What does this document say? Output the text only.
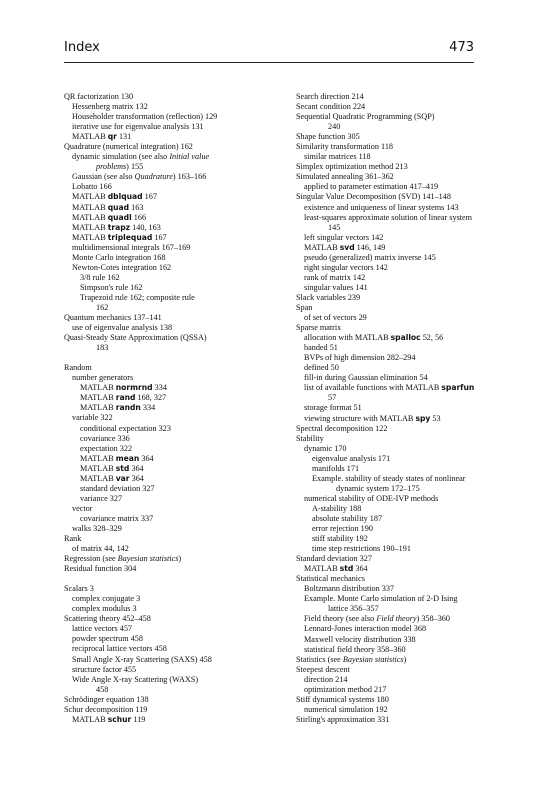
Index	473
QR factorization 130
Hessenberg matrix 132
Householder transformation (reflection) 129
iterative use for eigenvalue analysis 131
MATLAB qr 131
Quadrature (numerical integration) 162
dynamic simulation (see also Initial value
problems) 155
Gaussian (see also Quadrature) 163–166
Lobatto 166
MATLAB dblquad 167
MATLAB quad 163
MATLAB quadl 166
MATLAB trapz 140, 163
MATLAB triplequad 167
multidimensional integrals 167–169
Monte Carlo integration 168
Newton-Cotes integration 162
3/8 rule 162
Simpson's rule 162
Trapezoid rule 162; composite rule
162
Quantum mechanics 137–141
use of eigenvalue analysis 138
Quasi-Steady State Approximation (QSSA)
183
Random
number generators
MATLAB normrnd 334
MATLAB rand 168, 327
MATLAB randn 334
variable 322
conditional expectation 323
covariance 336
expectation 322
MATLAB mean 364
MATLAB std 364
MATLAB var 364
standard deviation 327
variance 327
vector
covariance matrix 337
walks 328–329
Rank
of matrix 44, 142
Regression (see Bayesian statistics)
Residual function 304
Scalars 3
complex conjugate 3
complex modulus 3
Scattering theory 452–458
lattice vectors 457
powder spectrum 458
reciprocal lattice vectors 458
Small Angle X-ray Scattering (SAXS) 458
structure factor 455
Wide Angle X-ray Scattering (WAXS)
458
Schrödinger equation 138
Schur decomposition 119
MATLAB schur 119
Search direction 214
Secant condition 224
Sequential Quadratic Programming (SQP)
240
Shape function 305
Similarity transformation 118
similar matrices 118
Simplex optimization method 213
Simulated annealing 361–362
applied to parameter estimation 417–419
Singular Value Decomposition (SVD) 141–148
existence and uniqueness of linear systems 143
least-squares approximate solution of linear system
145
left singular vectors 142
MATLAB svd 146, 149
pseudo (generalized) matrix inverse 145
right singular vectors 142
rank of matrix 142
singular values 141
Slack variables 239
Span
of set of vectors 29
Sparse matrix
allocation with MATLAB spalloc 52, 56
banded 51
BVPs of high dimension 282–294
defined 50
fill-in during Gaussian elimination 54
list of available functions with MATLAB sparfun
57
storage format 51
viewing structure with MATLAB spy 53
Spectral decomposition 122
Stability
dynamic 170
eigenvalue analysis 171
manifolds 171
Example. stability of steady states of nonlinear
dynamic system 172–175
numerical stability of ODE-IVP methods
A-stability 188
absolute stability 187
error rejection 190
stiff stability 192
time step restrictions 190–191
Standard deviation 327
MATLAB std 364
Statistical mechanics
Boltzmann distribution 337
Example. Monte Carlo simulation of 2-D Ising
lattice 356–357
Field theory (see also Field theory) 358–360
Lennard-Jones interaction model 368
Maxwell velocity distribution 338
statistical field theory 358–360
Statistics (see Bayesian statistics)
Steepest descent
direction 214
optimization method 217
Stiff dynamical systems 180
numerical simulation 192
Stirling's approximation 331
